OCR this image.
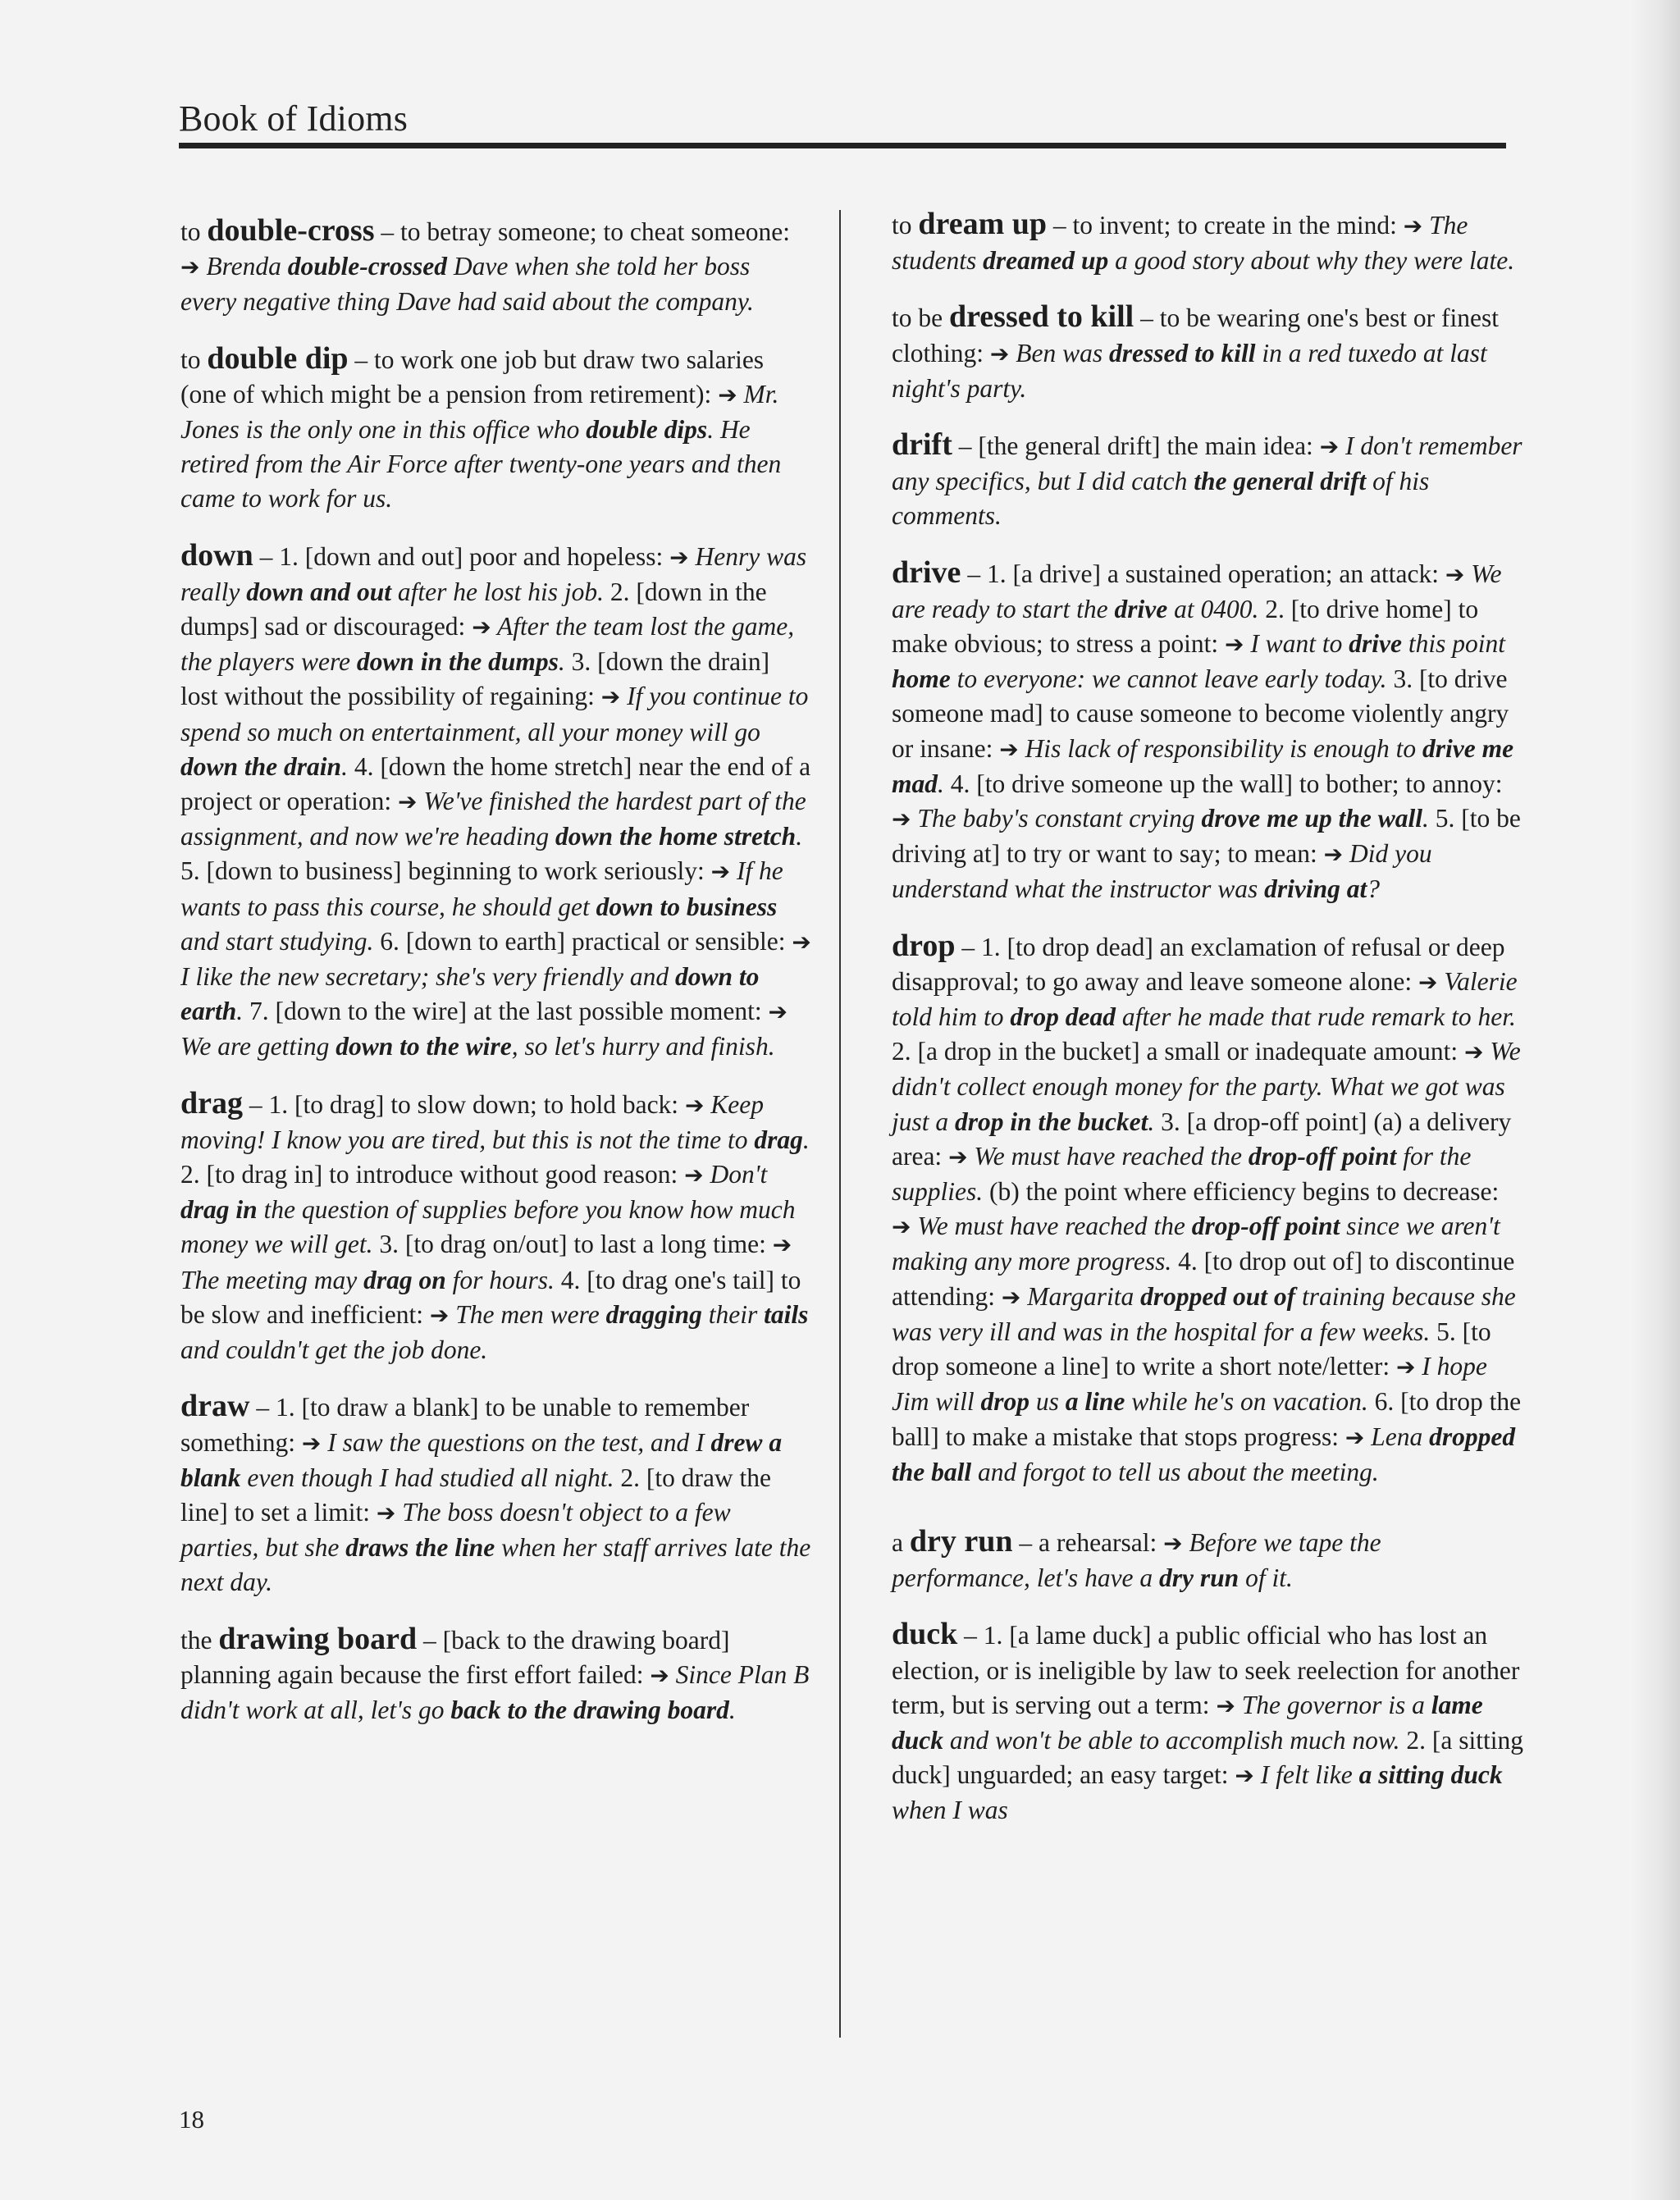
Book of Idioms

to double-cross – to betray someone; to cheat someone: ➔ Brenda double-crossed Dave when she told her boss every negative thing Dave had said about the company.

to double dip – to work one job but draw two salaries (one of which might be a pension from retirement): ➔ Mr. Jones is the only one in this office who double dips. He retired from the Air Force after twenty-one years and then came to work for us.

down – 1. [down and out] poor and hopeless: ➔ Henry was really down and out after he lost his job. 2. [down in the dumps] sad or discouraged: ➔ After the team lost the game, the players were down in the dumps. 3. [down the drain] lost without the possibility of regaining: ➔ If you continue to spend so much on entertainment, all your money will go down the drain. 4. [down the home stretch] near the end of a project or operation: ➔ We've finished the hardest part of the assignment, and now we're heading down the home stretch. 5. [down to business] beginning to work seriously: ➔ If he wants to pass this course, he should get down to business and start studying. 6. [down to earth] practical or sensible: ➔ I like the new secretary; she's very friendly and down to earth. 7. [down to the wire] at the last possible moment: ➔ We are getting down to the wire, so let's hurry and finish.

drag – 1. [to drag] to slow down; to hold back: ➔ Keep moving! I know you are tired, but this is not the time to drag. 2. [to drag in] to introduce without good reason: ➔ Don't drag in the question of supplies before you know how much money we will get. 3. [to drag on/out] to last a long time: ➔ The meeting may drag on for hours. 4. [to drag one's tail] to be slow and inefficient: ➔ The men were dragging their tails and couldn't get the job done.

draw – 1. [to draw a blank] to be unable to remember something: ➔ I saw the questions on the test, and I drew a blank even though I had studied all night. 2. [to draw the line] to set a limit: ➔ The boss doesn't object to a few parties, but she draws the line when her staff arrives late the next day.

the drawing board – [back to the drawing board] planning again because the first effort failed: ➔ Since Plan B didn't work at all, let's go back to the drawing board.

to dream up – to invent; to create in the mind: ➔ The students dreamed up a good story about why they were late.

to be dressed to kill – to be wearing one's best or finest clothing: ➔ Ben was dressed to kill in a red tuxedo at last night's party.

drift – [the general drift] the main idea: ➔ I don't remember any specifics, but I did catch the general drift of his comments.

drive – 1. [a drive] a sustained operation; an attack: ➔ We are ready to start the drive at 0400. 2. [to drive home] to make obvious; to stress a point: ➔ I want to drive this point home to everyone: we cannot leave early today. 3. [to drive someone mad] to cause someone to become violently angry or insane: ➔ His lack of responsibility is enough to drive me mad. 4. [to drive someone up the wall] to bother; to annoy: ➔ The baby's constant crying drove me up the wall. 5. [to be driving at] to try or want to say; to mean: ➔ Did you understand what the instructor was driving at?

drop – 1. [to drop dead] an exclamation of refusal or deep disapproval; to go away and leave someone alone: ➔ Valerie told him to drop dead after he made that rude remark to her. 2. [a drop in the bucket] a small or inadequate amount: ➔ We didn't collect enough money for the party. What we got was just a drop in the bucket. 3. [a drop-off point] (a) a delivery area: ➔ We must have reached the drop-off point for the supplies. (b) the point where efficiency begins to decrease: ➔ We must have reached the drop-off point since we aren't making any more progress. 4. [to drop out of] to discontinue attending: ➔ Margarita dropped out of training because she was very ill and was in the hospital for a few weeks. 5. [to drop someone a line] to write a short note/letter: ➔ I hope Jim will drop us a line while he's on vacation. 6. [to drop the ball] to make a mistake that stops progress: ➔ Lena dropped the ball and forgot to tell us about the meeting.

a dry run – a rehearsal: ➔ Before we tape the performance, let's have a dry run of it.

duck – 1. [a lame duck] a public official who has lost an election, or is ineligible by law to seek reelection for another term, but is serving out a term: ➔ The governor is a lame duck and won't be able to accomplish much now. 2. [a sitting duck] unguarded; an easy target: ➔ I felt like a sitting duck when I was

18
